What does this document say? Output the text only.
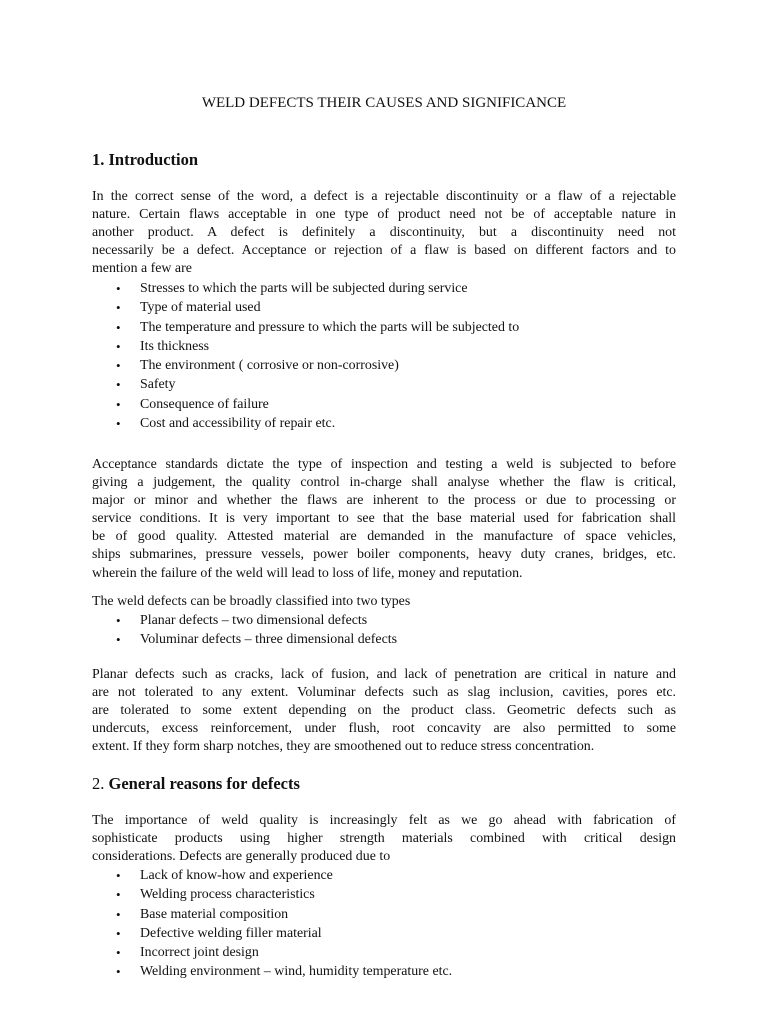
WELD DEFECTS THEIR CAUSES AND SIGNIFICANCE
1. Introduction

In the correct sense of the word, a defect is a rejectable discontinuity or a flaw of a rejectable
nature. Certain flaws acceptable in one type of product need not be of acceptable nature in
another product. A defect is definitely a discontinuity, but a discontinuity need not
necessarily be a defect. Acceptance or rejection of a flaw is based on different factors and to
mention a few are

• Stresses to which the parts will be subjected during service
• Type of material used
• The temperature and pressure to which the parts will be subjected to
• Its thickness
• The environment ( corrosive or non-corrosive)
• Safety
• Consequence of failure
• Cost and accessibility of repair etc.

Acceptance standards dictate the type of inspection and testing a weld is subjected to before
giving a judgement, the quality control in-charge shall analyse whether the flaw is critical,
major or minor and whether the flaws are inherent to the process or due to processing or
service conditions. It is very important to see that the base material used for fabrication shall
be of good quality. Attested material are demanded in the manufacture of space vehicles,
ships submarines, pressure vessels, power boiler components, heavy duty cranes, bridges, etc.
wherein the failure of the weld will lead to loss of life, money and reputation.

The weld defects can be broadly classified into two types

• Planar defects – two dimensional defects
• Voluminar defects – three dimensional defects

Planar defects such as cracks, lack of fusion, and lack of penetration are critical in nature and
are not tolerated to any extent. Voluminar defects such as slag inclusion, cavities, pores etc.
are tolerated to some extent depending on the product class. Geometric defects such as
undercuts, excess reinforcement, under flush, root concavity are also permitted to some
extent. If they form sharp notches, they are smoothened out to reduce stress concentration.

2. General reasons for defects

The importance of weld quality is increasingly felt as we go ahead with fabrication of
sophisticate products using higher strength materials combined with critical design
considerations. Defects are generally produced due to

• Lack of know-how and experience
• Welding process characteristics
• Base material composition
• Defective welding filler material
• Incorrect joint design
• Welding environment – wind, humidity temperature etc.
